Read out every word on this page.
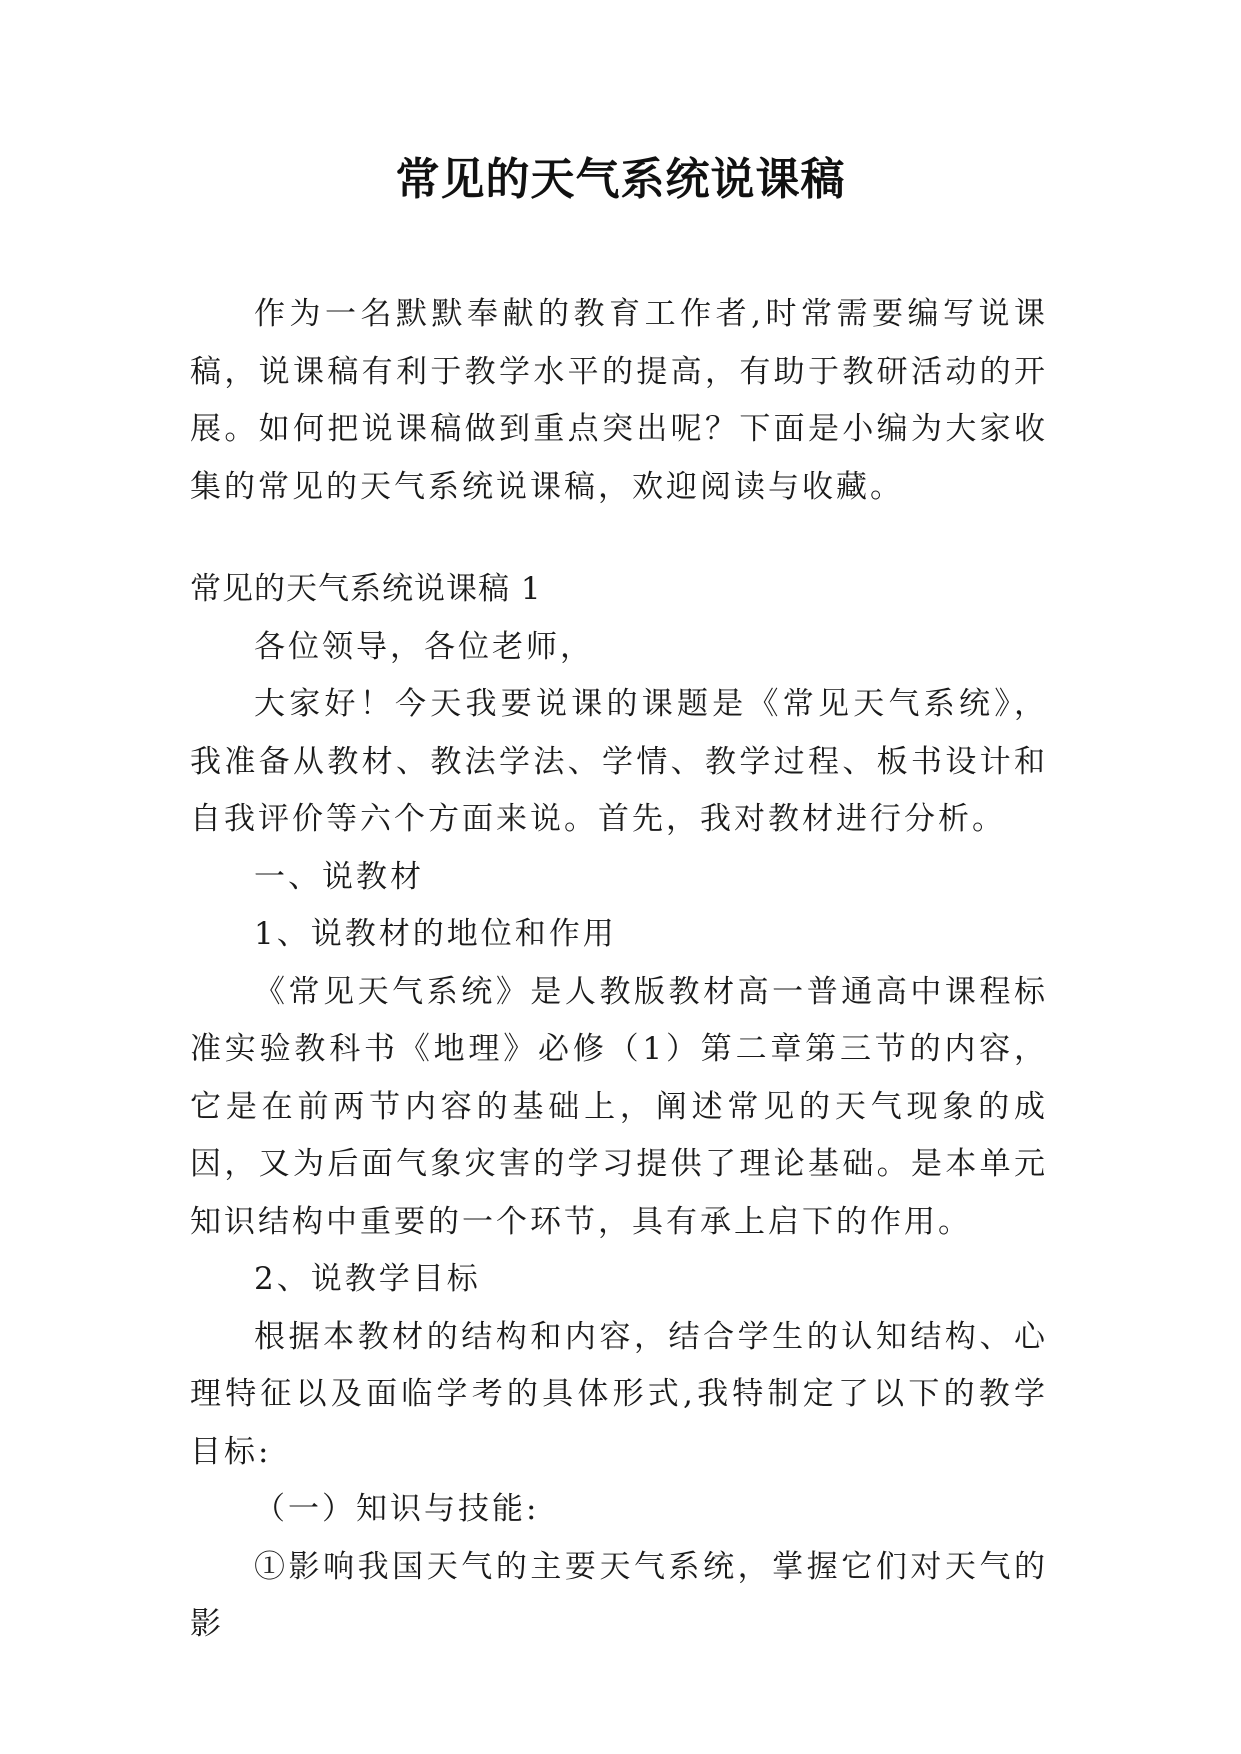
常见的天气系统说课稿

作为一名默默奉献的教育工作者,时常需要编写说课稿，说课稿有利于教学水平的提高，有助于教研活动的开展。如何把说课稿做到重点突出呢？下面是小编为大家收集的常见的天气系统说课稿，欢迎阅读与收藏。

常见的天气系统说课稿 1

各位领导，各位老师，

大家好！今天我要说课的课题是《常见天气系统》，我准备从教材、教法学法、学情、教学过程、板书设计和自我评价等六个方面来说。首先，我对教材进行分析。

一、说教材

1、说教材的地位和作用

《常见天气系统》是人教版教材高一普通高中课程标准实验教科书《地理》必修（1）第二章第三节的内容，它是在前两节内容的基础上，阐述常见的天气现象的成因，又为后面气象灾害的学习提供了理论基础。是本单元知识结构中重要的一个环节，具有承上启下的作用。

2、说教学目标

根据本教材的结构和内容，结合学生的认知结构、心理特征以及面临学考的具体形式,我特制定了以下的教学目标:

（一）知识与技能:

①影响我国天气的主要天气系统，掌握它们对天气的影
